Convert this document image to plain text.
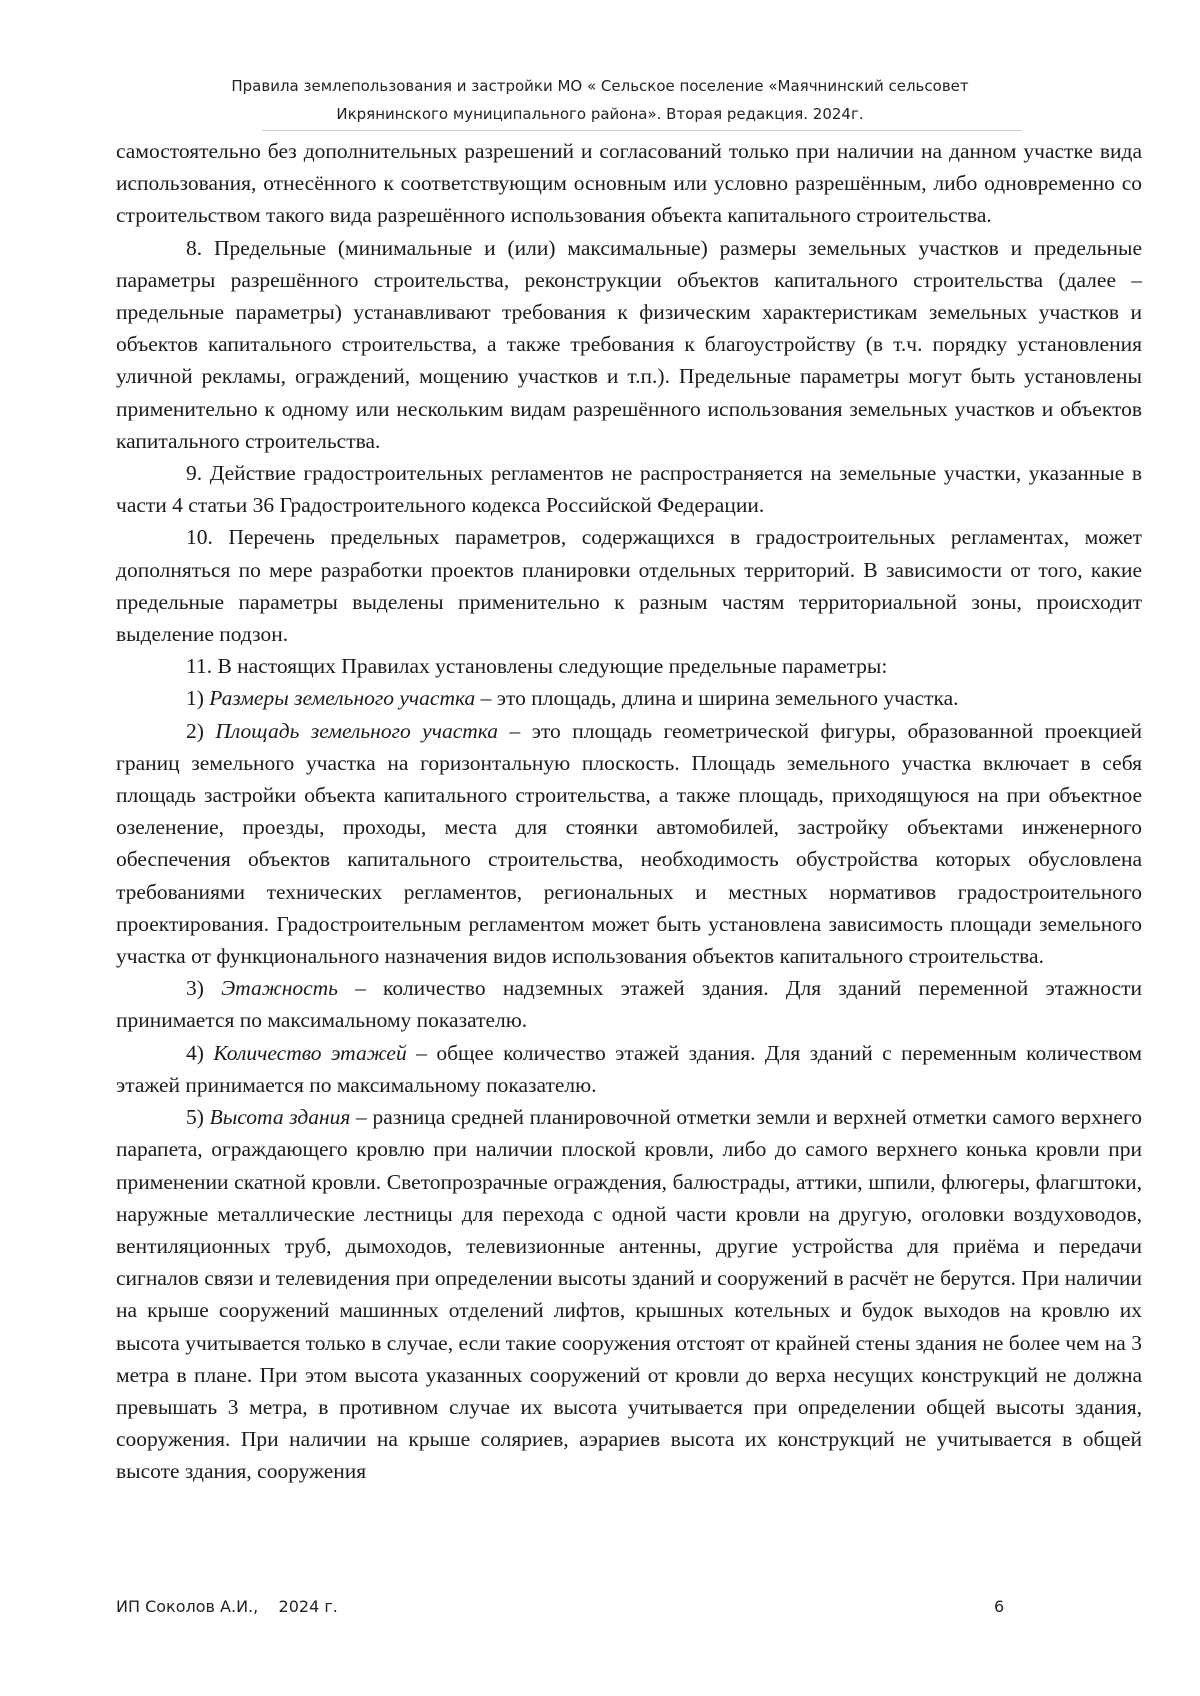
Правила землепользования и застройки МО « Сельское поселение «Маячнинский сельсовет
Икрянинского муниципального района». Вторая редакция. 2024г.

самостоятельно без дополнительных разрешений и согласований только при наличии на данном участке вида использования, отнесённого к соответствующим основным или условно разрешённым, либо одновременно со строительством такого вида разрешённого использования объекта капитального строительства.

8. Предельные (минимальные и (или) максимальные) размеры земельных участков и предельные параметры разрешённого строительства, реконструкции объектов капитального строительства (далее – предельные параметры) устанавливают требования к физическим характеристикам земельных участков и объектов капитального строительства, а также требования к благоустройству (в т.ч. порядку установления уличной рекламы, ограждений, мощению участков и т.п.). Предельные параметры могут быть установлены применительно к одному или нескольким видам разрешённого использования земельных участков и объектов капитального строительства.

9. Действие градостроительных регламентов не распространяется на земельные участки, указанные в части 4 статьи 36 Градостроительного кодекса Российской Федерации.

10. Перечень предельных параметров, содержащихся в градостроительных регламентах, может дополняться по мере разработки проектов планировки отдельных территорий. В зависимости от того, какие предельные параметры выделены применительно к разным частям территориальной зоны, происходит выделение подзон.

11. В настоящих Правилах установлены следующие предельные параметры:

1) Размеры земельного участка – это площадь, длина и ширина земельного участка.

2) Площадь земельного участка – это площадь геометрической фигуры, образованной проекцией границ земельного участка на горизонтальную плоскость. Площадь земельного участка включает в себя площадь застройки объекта капитального строительства, а также площадь, приходящуюся на при объектное озеленение, проезды, проходы, места для стоянки автомобилей, застройку объектами инженерного обеспечения объектов капитального строительства, необходимость обустройства которых обусловлена требованиями технических регламентов, региональных и местных нормативов градостроительного проектирования. Градостроительным регламентом может быть установлена зависимость площади земельного участка от функционального назначения видов использования объектов капитального строительства.

3) Этажность – количество надземных этажей здания. Для зданий переменной этажности принимается по максимальному показателю.

4) Количество этажей – общее количество этажей здания. Для зданий с переменным количеством этажей принимается по максимальному показателю.

5) Высота здания – разница средней планировочной отметки земли и верхней отметки самого верхнего парапета, ограждающего кровлю при наличии плоской кровли, либо до самого верхнего конька кровли при применении скатной кровли. Светопрозрачные ограждения, балюстрады, аттики, шпили, флюгеры, флагштоки, наружные металлические лестницы для перехода с одной части кровли на другую, оголовки воздуховодов, вентиляционных труб, дымоходов, телевизионные антенны, другие устройства для приёма и передачи сигналов связи и телевидения при определении высоты зданий и сооружений в расчёт не берутся. При наличии на крыше сооружений машинных отделений лифтов, крышных котельных и будок выходов на кровлю их высота учитывается только в случае, если такие сооружения отстоят от крайней стены здания не более чем на 3 метра в плане. При этом высота указанных сооружений от кровли до верха несущих конструкций не должна превышать 3 метра, в противном случае их высота учитывается при определении общей высоты здания, сооружения. При наличии на крыше соляриев, аэрариев высота их конструкций не учитывается в общей высоте здания, сооружения

ИП Соколов А.И.,    2024 г.	6
